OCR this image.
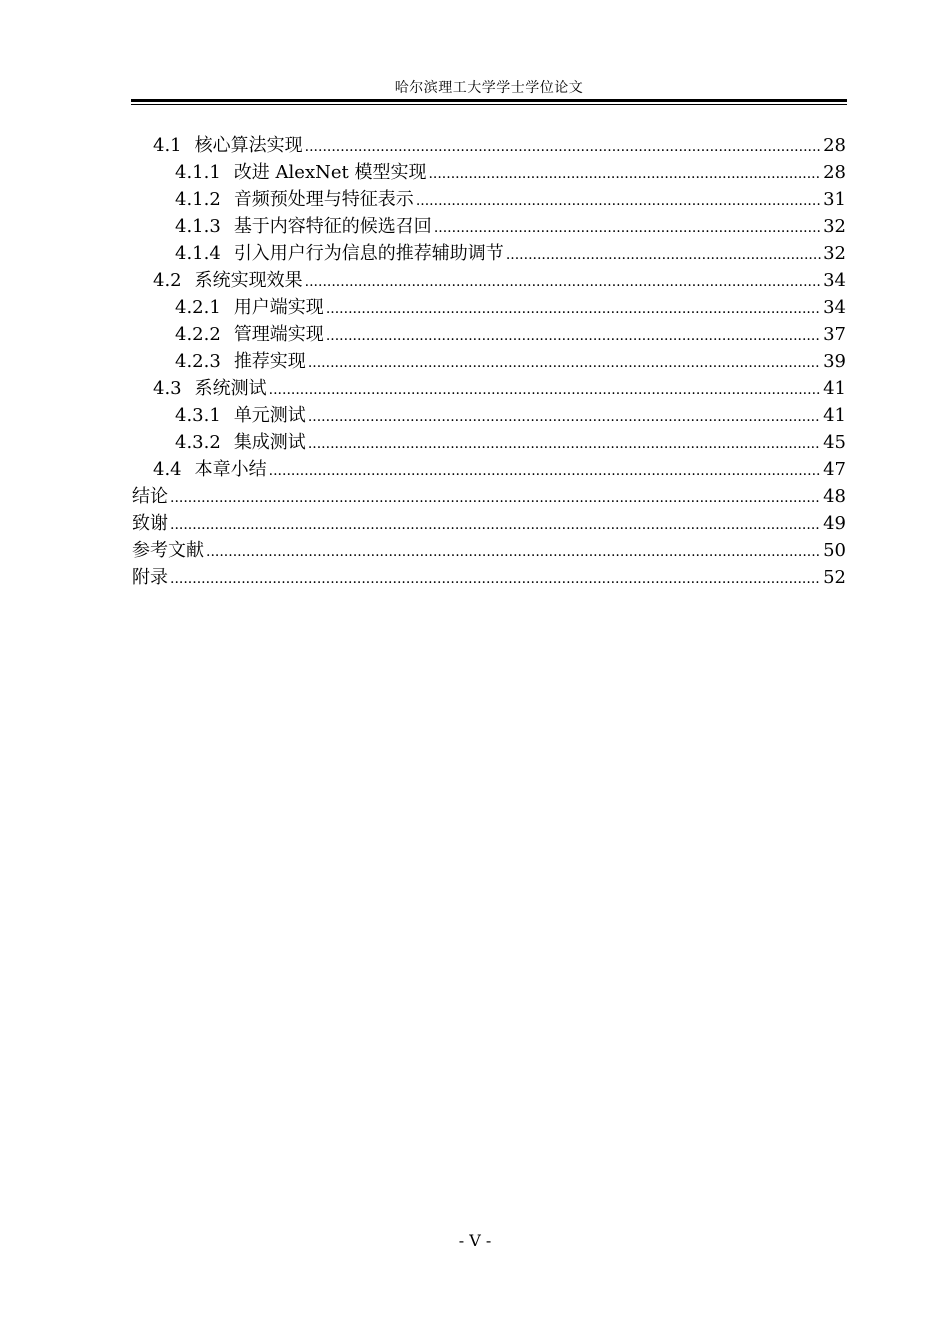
哈尔滨理工大学学士学位论文
4.1 核心算法实现 .....	28
4.1.1 改进 AlexNet 模型实现 .....	28
4.1.2 音频预处理与特征表示 .....	31
4.1.3 基于内容特征的候选召回 .....	32
4.1.4 引入用户行为信息的推荐辅助调节 .....	32
4.2 系统实现效果 .....	34
4.2.1 用户端实现 .....	34
4.2.2 管理端实现 .....	37
4.2.3 推荐实现 .....	39
4.3 系统测试 .....	41
4.3.1 单元测试 .....	41
4.3.2 集成测试 .....	45
4.4 本章小结 .....	47
结论 .....	48
致谢 .....	49
参考文献 .....	50
附录 .....	52
- V -
